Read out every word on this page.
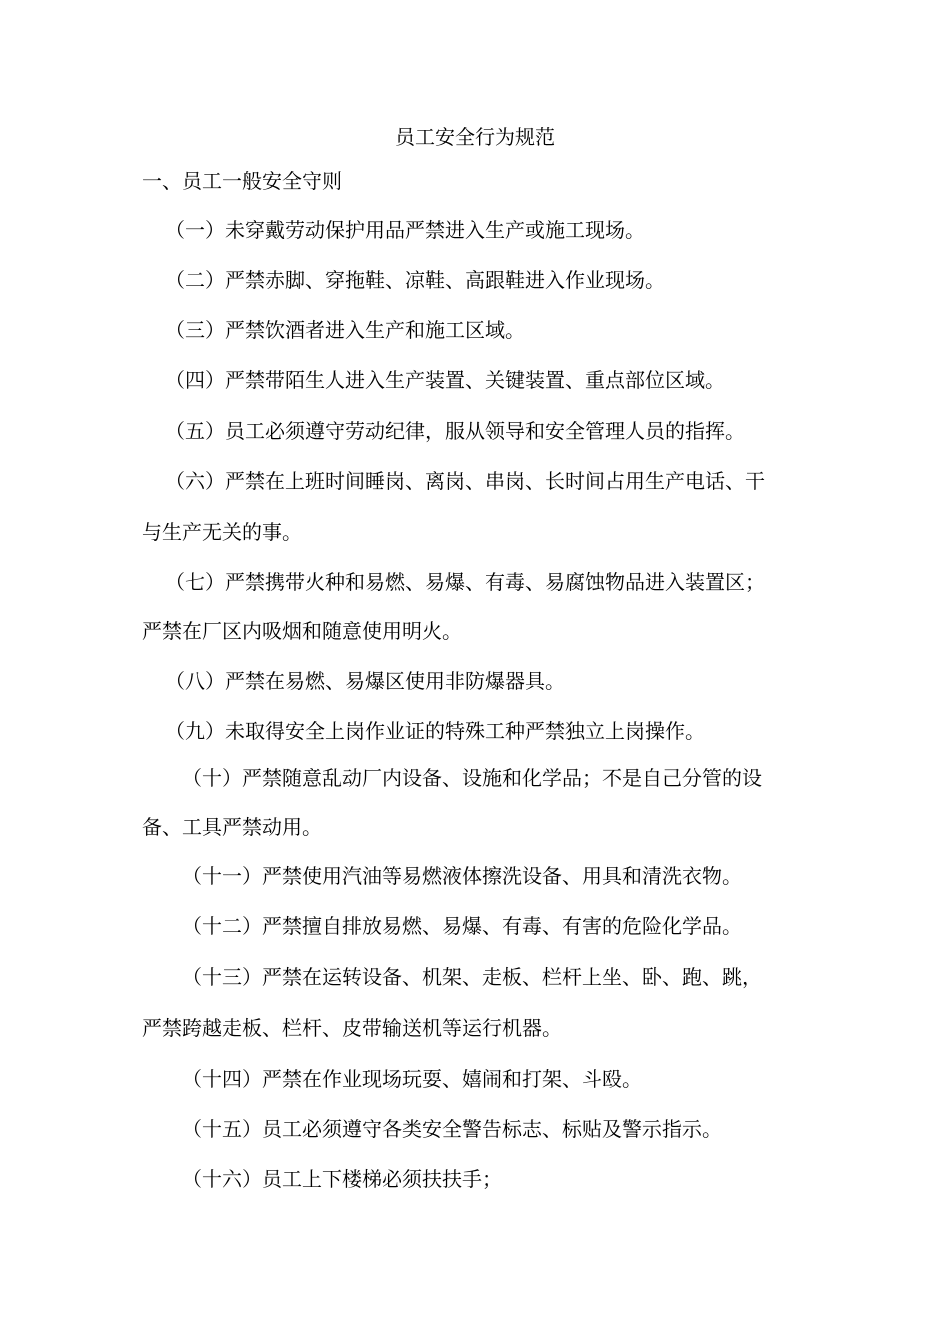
员工安全行为规范
一、员工一般安全守则
（一）未穿戴劳动保护用品严禁进入生产或施工现场。
（二）严禁赤脚、穿拖鞋、凉鞋、高跟鞋进入作业现场。
（三）严禁饮酒者进入生产和施工区域。
（四）严禁带陌生人进入生产装置、关键装置、重点部位区域。
（五）员工必须遵守劳动纪律，服从领导和安全管理人员的指挥。
（六）严禁在上班时间睡岗、离岗、串岗、长时间占用生产电话、干
与生产无关的事。
（七）严禁携带火种和易燃、易爆、有毒、易腐蚀物品进入装置区；
严禁在厂区内吸烟和随意使用明火。
（八）严禁在易燃、易爆区使用非防爆器具。
（九）未取得安全上岗作业证的特殊工种严禁独立上岗操作。
（十）严禁随意乱动厂内设备、设施和化学品；不是自己分管的设
备、工具严禁动用。
（十一）严禁使用汽油等易燃液体擦洗设备、用具和清洗衣物。
（十二）严禁擅自排放易燃、易爆、有毒、有害的危险化学品。
（十三）严禁在运转设备、机架、走板、栏杆上坐、卧、跑、跳，
严禁跨越走板、栏杆、皮带输送机等运行机器。
（十四）严禁在作业现场玩耍、嬉闹和打架、斗殴。
（十五）员工必须遵守各类安全警告标志、标贴及警示指示。
（十六）员工上下楼梯必须扶扶手；
